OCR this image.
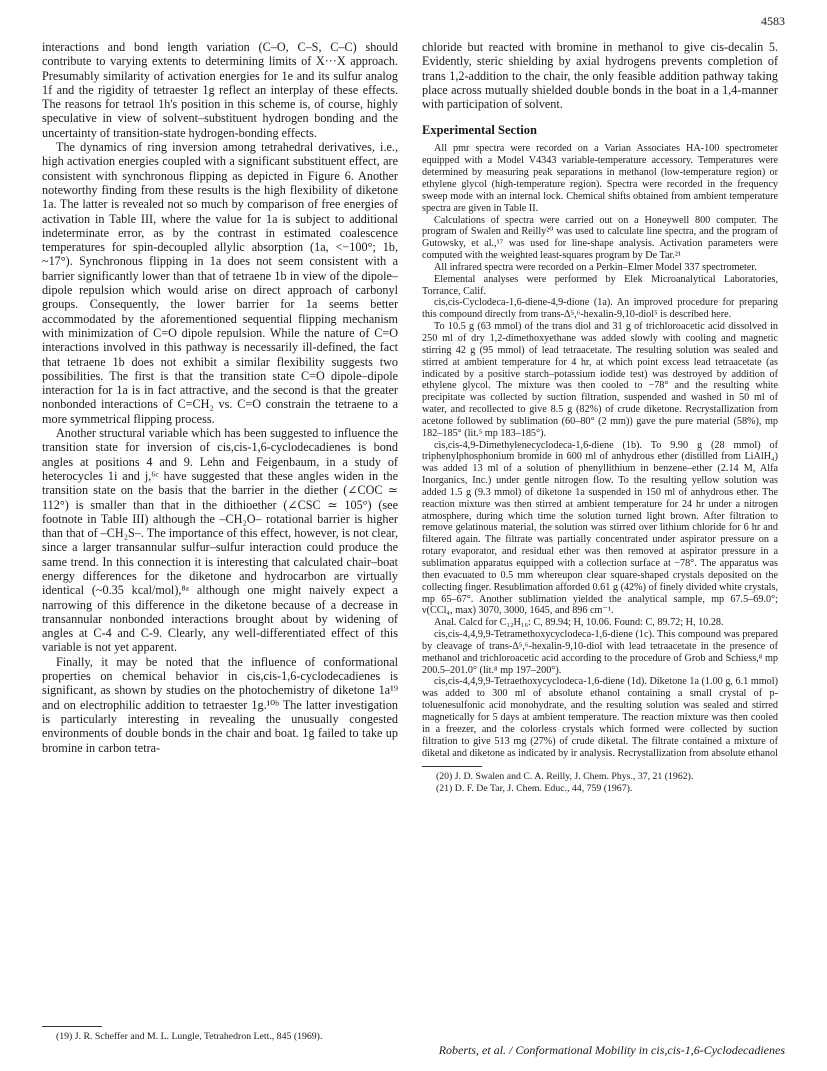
4583

interactions and bond length variation (C–O, C–S, C–C) should contribute to varying extents to determining limits of X···X approach. Presumably similarity of activation energies for 1e and its sulfur analog 1f and the rigidity of tetraester 1g reflect an interplay of these effects. The reasons for tetraol 1h's position in this scheme is, of course, highly speculative in view of solvent–substituent hydrogen bonding and the uncertainty of transition-state hydrogen-bonding effects.

The dynamics of ring inversion among tetrahedral derivatives, i.e., high activation energies coupled with a significant substituent effect, are consistent with synchronous flipping as depicted in Figure 6. Another noteworthy finding from these results is the high flexibility of diketone 1a. The latter is revealed not so much by comparison of free energies of activation in Table III, where the value for 1a is subject to additional indeterminate error, as by the contrast in estimated coalescence temperatures for spin-decoupled allylic absorption (1a, <−100°; 1b, ~17°). Synchronous flipping in 1a does not seem consistent with a barrier significantly lower than that of tetraene 1b in view of the dipole–dipole repulsion which would arise on direct approach of carbonyl groups. Consequently, the lower barrier for 1a seems better accommodated by the aforementioned sequential flipping mechanism with minimization of C=O dipole repulsion. While the nature of C=O interactions involved in this pathway is necessarily ill-defined, the fact that tetraene 1b does not exhibit a similar flexibility suggests two possibilities. The first is that the transition state C=O dipole–dipole interaction for 1a is in fact attractive, and the second is that the greater nonbonded interactions of C=CH₂ vs. C=O constrain the tetraene to a more symmetrical flipping process.

Another structural variable which has been suggested to influence the transition state for inversion of cis,cis-1,6-cyclodecadienes is bond angles at positions 4 and 9. Lehn and Feigenbaum, in a study of heterocycles 1i and j,⁶ᶜ have suggested that these angles widen in the transition state on the basis that the barrier in the diether (∠COC ≃ 112°) is smaller than that in the dithioether (∠CSC ≃ 105°) (see footnote in Table III) although the –CH₂O– rotational barrier is higher than that of –CH₂S–. The importance of this effect, however, is not clear, since a larger transannular sulfur–sulfur interaction could produce the same trend. In this connection it is interesting that calculated chair–boat energy differences for the diketone and hydrocarbon are virtually identical (~0.35 kcal/mol),⁸ᵃ although one might naively expect a narrowing of this difference in the diketone because of a decrease in transannular nonbonded interactions brought about by widening of angles at C-4 and C-9. Clearly, any well-differentiated effect of this variable is not yet apparent.

Finally, it may be noted that the influence of conformational properties on chemical behavior in cis,cis-1,6-cyclodecadienes is significant, as shown by studies on the photochemistry of diketone 1a¹⁹ and on electrophilic addition to tetraester 1g.¹⁰ᵇ The latter investigation is particularly interesting in revealing the unusually congested environments of double bonds in the chair and boat. 1g failed to take up bromine in carbon tetra-

(19) J. R. Scheffer and M. L. Lungle, Tetrahedron Lett., 845 (1969).

chloride but reacted with bromine in methanol to give cis-decalin 5. Evidently, steric shielding by axial hydrogens prevents completion of trans 1,2-addition to the chair, the only feasible addition pathway taking place across mutually shielded double bonds in the boat in a 1,4-manner with participation of solvent.

Experimental Section

All pmr spectra were recorded on a Varian Associates HA-100 spectrometer equipped with a Model V4343 variable-temperature accessory. Temperatures were determined by measuring peak separations in methanol (low-temperature region) or ethylene glycol (high-temperature region). Spectra were recorded in the frequency sweep mode with an internal lock. Chemical shifts obtained from ambient temperature spectra are given in Table II.

Calculations of spectra were carried out on a Honeywell 800 computer. The program of Swalen and Reilly²⁰ was used to calculate line spectra, and the program of Gutowsky, et al.,¹⁷ was used for line-shape analysis. Activation parameters were computed with the weighted least-squares program by De Tar.²¹

All infrared spectra were recorded on a Perkin–Elmer Model 337 spectrometer.

Elemental analyses were performed by Elek Microanalytical Laboratories, Torrance, Calif.

cis,cis-Cyclodeca-1,6-diene-4,9-dione (1a). An improved procedure for preparing this compound directly from trans-Δ⁵,⁶-hexalin-9,10-diol⁵ is described here.

To 10.5 g (63 mmol) of the trans diol and 31 g of trichloroacetic acid dissolved in 250 ml of dry 1,2-dimethoxyethane was added slowly with cooling and magnetic stirring 42 g (95 mmol) of lead tetraacetate. The resulting solution was sealed and stirred at ambient temperature for 4 hr, at which point excess lead tetraacetate (as indicated by a positive starch–potassium iodide test) was destroyed by addition of ethylene glycol. The mixture was then cooled to −78° and the resulting white precipitate was collected by suction filtration, suspended and washed in 50 ml of water, and recollected to give 8.5 g (82%) of crude diketone. Recrystallization from acetone followed by sublimation (60–80° (2 mm)) gave the pure material (58%), mp 182–185° (lit.⁵ mp 183–185°).

cis,cis-4,9-Dimethylenecyclodeca-1,6-diene (1b). To 9.90 g (28 mmol) of triphenylphosphonium bromide in 600 ml of anhydrous ether (distilled from LiAlH₄) was added 13 ml of a solution of phenyllithium in benzene–ether (2.14 M, Alfa Inorganics, Inc.) under gentle nitrogen flow. To the resulting yellow solution was added 1.5 g (9.3 mmol) of diketone 1a suspended in 150 ml of anhydrous ether. The reaction mixture was then stirred at ambient temperature for 24 hr under a nitrogen atmosphere, during which time the solution turned light brown. After filtration to remove gelatinous material, the solution was stirred over lithium chloride for 6 hr and filtered again. The filtrate was partially concentrated under aspirator pressure on a rotary evaporator, and residual ether was then removed at aspirator pressure in a sublimation apparatus equipped with a collection surface at −78°. The apparatus was then evacuated to 0.5 mm whereupon clear square-shaped crystals deposited on the collecting finger. Resublimation afforded 0.61 g (42%) of finely divided white crystals, mp 65–67°. Another sublimation yielded the analytical sample, mp 67.5–69.0°; ν(CCl₄, max) 3070, 3000, 1645, and 896 cm⁻¹.

Anal. Calcd for C₁₂H₁₆: C, 89.94; H, 10.06. Found: C, 89.72; H, 10.28.

cis,cis-4,4,9,9-Tetramethoxycyclodeca-1,6-diene (1c). This compound was prepared by cleavage of trans-Δ⁵,⁶-hexalin-9,10-diol with lead tetraacetate in the presence of methanol and trichloroacetic acid according to the procedure of Grob and Schiess,⁸ mp 200.5–201.0° (lit.⁸ mp 197–200°).

cis,cis-4,4,9,9-Tetraethoxycyclodeca-1,6-diene (1d). Diketone 1a (1.00 g, 6.1 mmol) was added to 300 ml of absolute ethanol containing a small crystal of p-toluenesulfonic acid monohydrate, and the resulting solution was sealed and stirred magnetically for 5 days at ambient temperature. The reaction mixture was then cooled in a freezer, and the colorless crystals which formed were collected by suction filtration to give 513 mg (27%) of crude diketal. The filtrate contained a mixture of diketal and diketone as indicated by ir analysis. Recrystallization from absolute ethanol

(20) J. D. Swalen and C. A. Reilly, J. Chem. Phys., 37, 21 (1962).

(21) D. F. De Tar, J. Chem. Educ., 44, 759 (1967).

Roberts, et al. / Conformational Mobility in cis,cis-1,6-Cyclodecadienes
